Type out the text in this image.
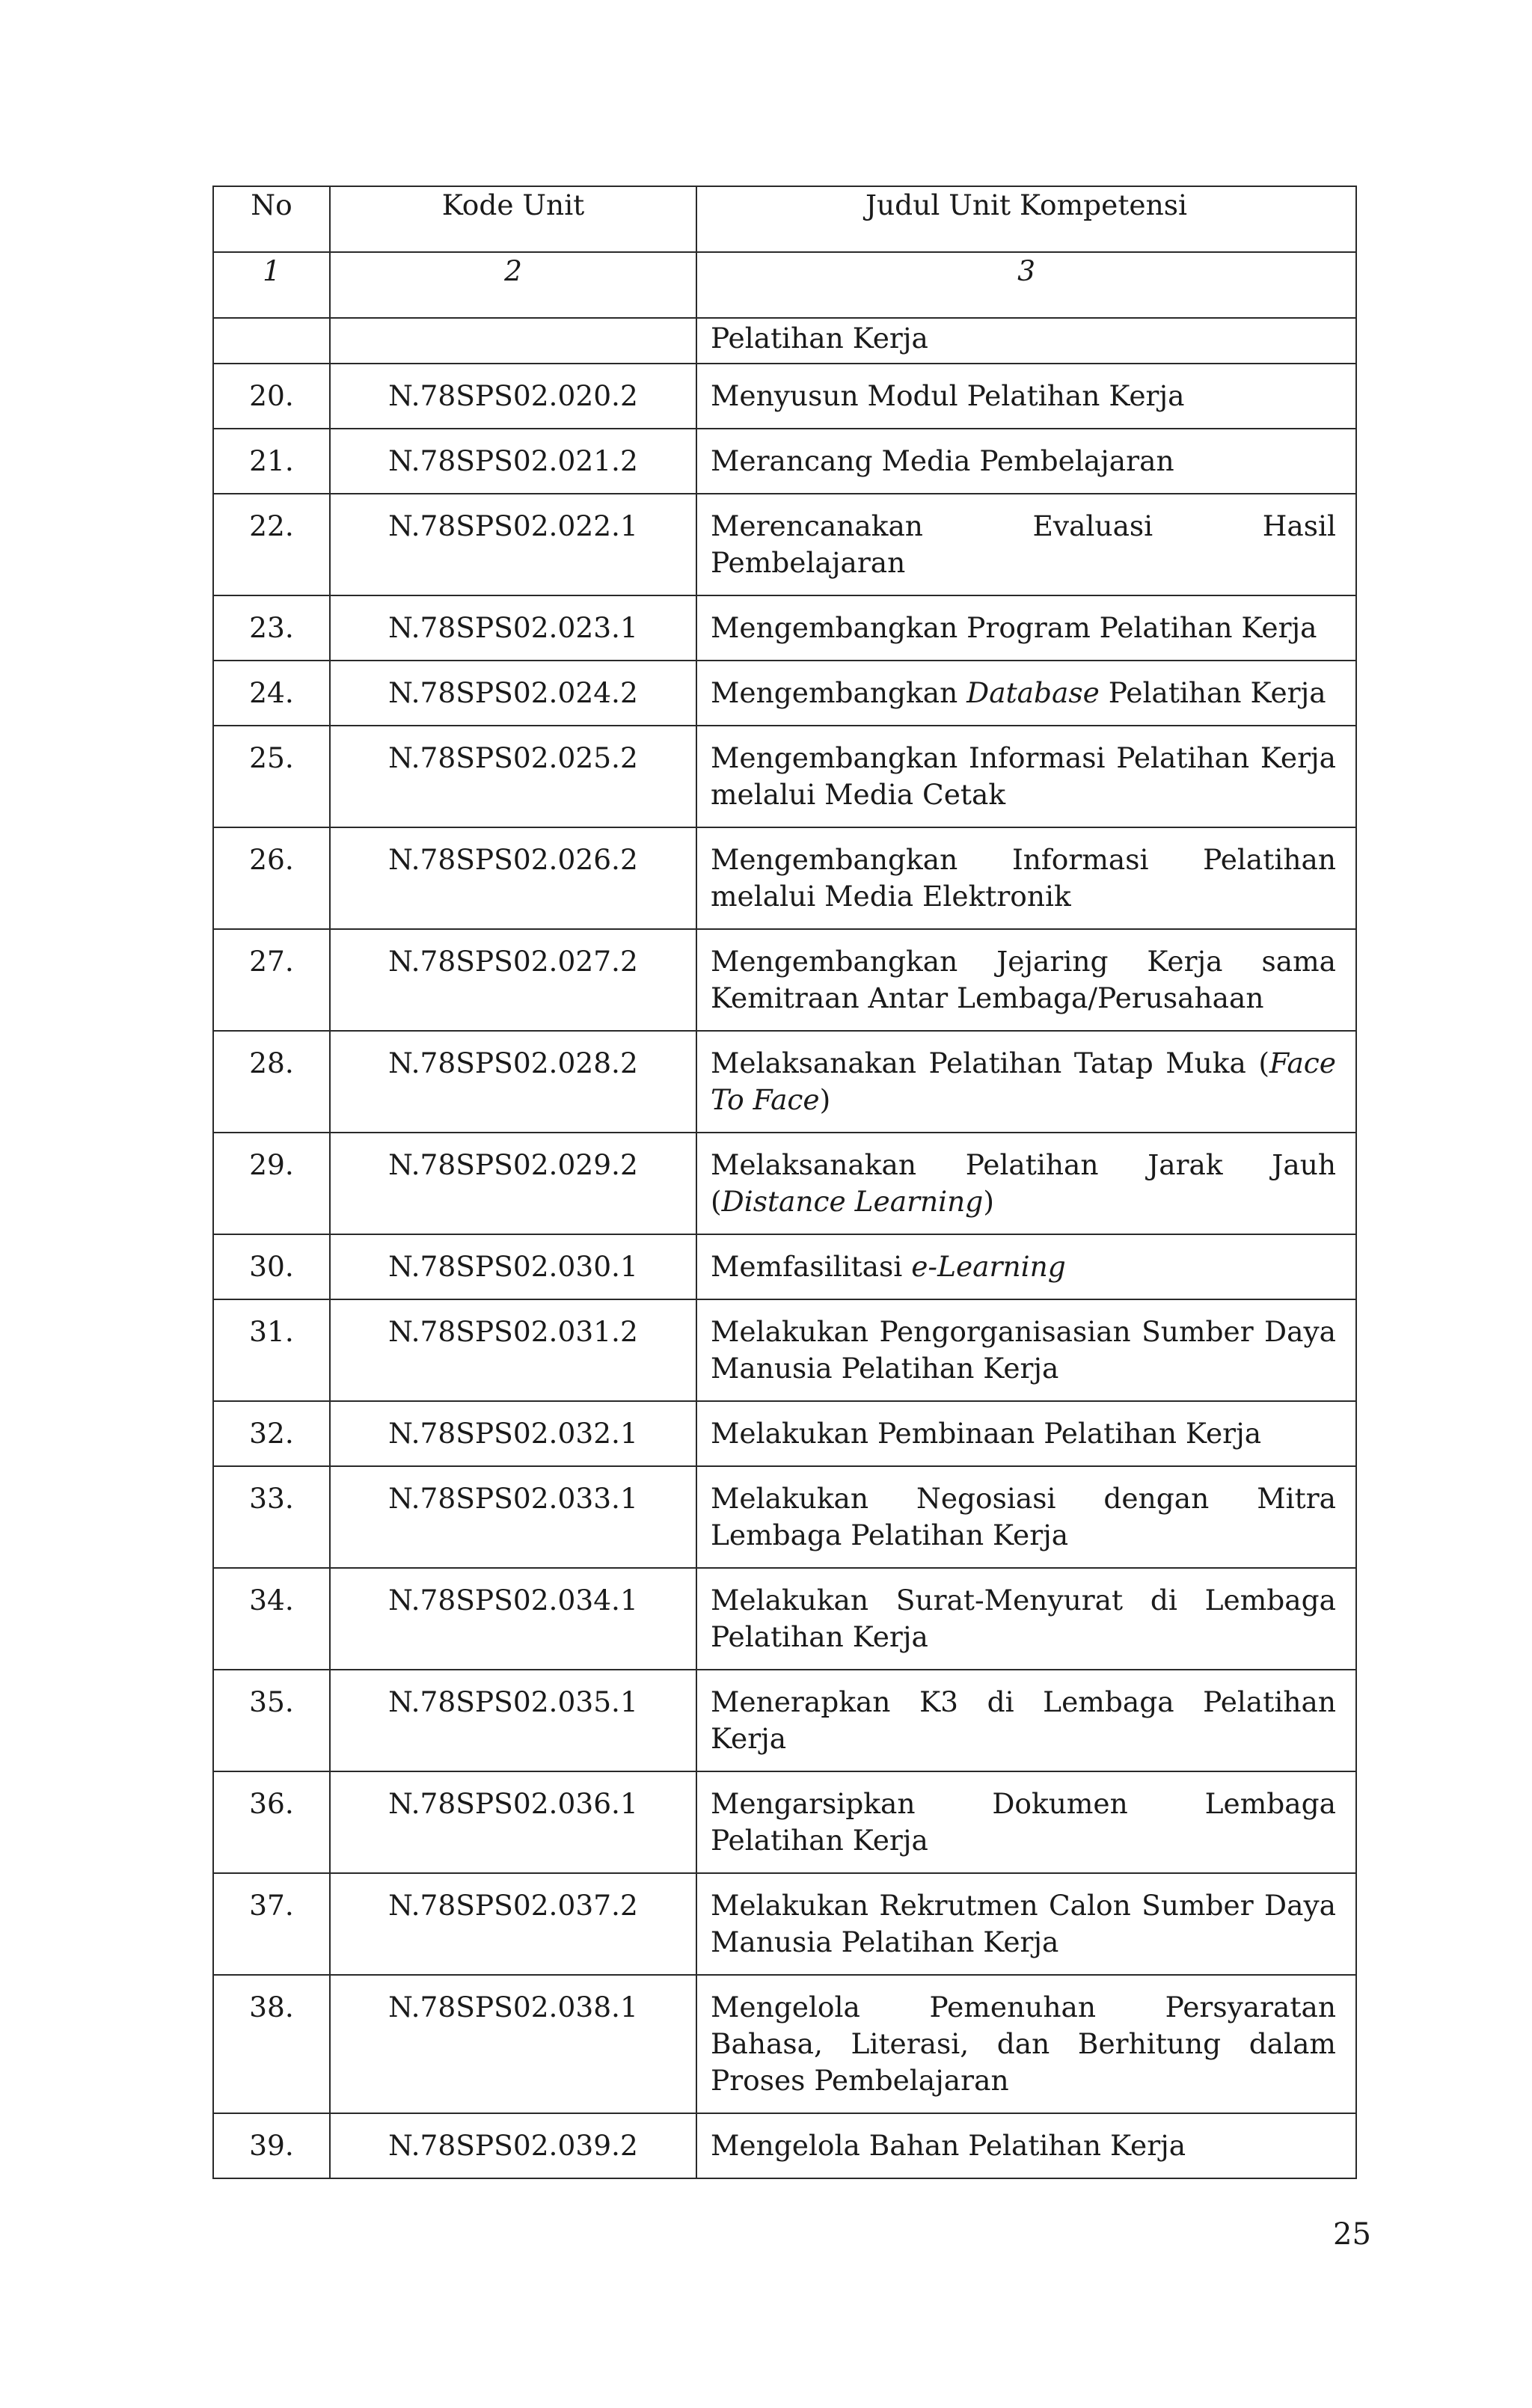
No	Kode Unit	Judul Unit Kompetensi
1	2	3
		Pelatihan Kerja
20.	N.78SPS02.020.2	Menyusun Modul Pelatihan Kerja
21.	N.78SPS02.021.2	Merancang Media Pembelajaran
22.	N.78SPS02.022.1	Merencanakan Evaluasi Hasil Pembelajaran
23.	N.78SPS02.023.1	Mengembangkan Program Pelatihan Kerja
24.	N.78SPS02.024.2	Mengembangkan Database Pelatihan Kerja
25.	N.78SPS02.025.2	Mengembangkan Informasi Pelatihan Kerja melalui Media Cetak
26.	N.78SPS02.026.2	Mengembangkan Informasi Pelatihan melalui Media Elektronik
27.	N.78SPS02.027.2	Mengembangkan Jejaring Kerja sama Kemitraan Antar Lembaga/Perusahaan
28.	N.78SPS02.028.2	Melaksanakan Pelatihan Tatap Muka (Face To Face)
29.	N.78SPS02.029.2	Melaksanakan Pelatihan Jarak Jauh (Distance Learning)
30.	N.78SPS02.030.1	Memfasilitasi e-Learning
31.	N.78SPS02.031.2	Melakukan Pengorganisasian Sumber Daya Manusia Pelatihan Kerja
32.	N.78SPS02.032.1	Melakukan Pembinaan Pelatihan Kerja
33.	N.78SPS02.033.1	Melakukan Negosiasi dengan Mitra Lembaga Pelatihan Kerja
34.	N.78SPS02.034.1	Melakukan Surat-Menyurat di Lembaga Pelatihan Kerja
35.	N.78SPS02.035.1	Menerapkan K3 di Lembaga Pelatihan Kerja
36.	N.78SPS02.036.1	Mengarsipkan Dokumen Lembaga Pelatihan Kerja
37.	N.78SPS02.037.2	Melakukan Rekrutmen Calon Sumber Daya Manusia Pelatihan Kerja
38.	N.78SPS02.038.1	Mengelola Pemenuhan Persyaratan Bahasa, Literasi, dan Berhitung dalam Proses Pembelajaran
39.	N.78SPS02.039.2	Mengelola Bahan Pelatihan Kerja
25
